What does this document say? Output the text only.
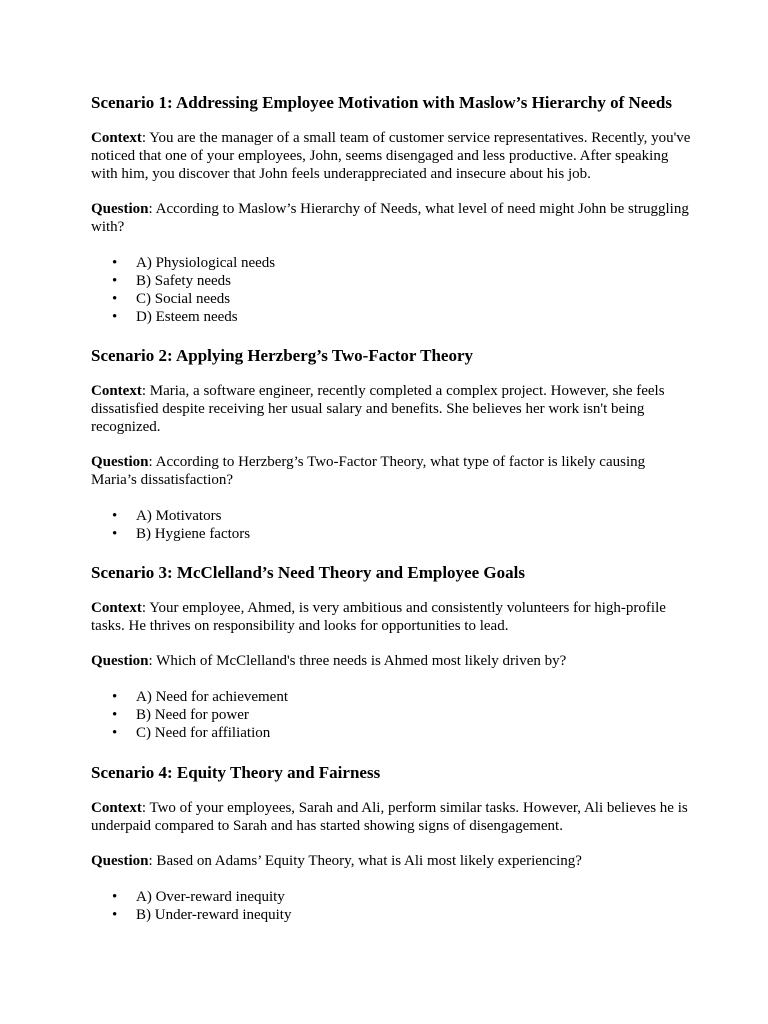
Scenario 1: Addressing Employee Motivation with Maslow’s Hierarchy of Needs

Context: You are the manager of a small team of customer service representatives. Recently, you've noticed that one of your employees, John, seems disengaged and less productive. After speaking with him, you discover that John feels underappreciated and insecure about his job.

Question: According to Maslow’s Hierarchy of Needs, what level of need might John be struggling with?

• A) Physiological needs
• B) Safety needs
• C) Social needs
• D) Esteem needs
Scenario 2: Applying Herzberg’s Two-Factor Theory

Context: Maria, a software engineer, recently completed a complex project. However, she feels dissatisfied despite receiving her usual salary and benefits. She believes her work isn't being recognized.

Question: According to Herzberg’s Two-Factor Theory, what type of factor is likely causing Maria’s dissatisfaction?

• A) Motivators
• B) Hygiene factors
Scenario 3: McClelland’s Need Theory and Employee Goals

Context: Your employee, Ahmed, is very ambitious and consistently volunteers for high-profile tasks. He thrives on responsibility and looks for opportunities to lead.

Question: Which of McClelland's three needs is Ahmed most likely driven by?

• A) Need for achievement
• B) Need for power
• C) Need for affiliation
Scenario 4: Equity Theory and Fairness

Context: Two of your employees, Sarah and Ali, perform similar tasks. However, Ali believes he is underpaid compared to Sarah and has started showing signs of disengagement.

Question: Based on Adams’ Equity Theory, what is Ali most likely experiencing?

• A) Over-reward inequity
• B) Under-reward inequity
